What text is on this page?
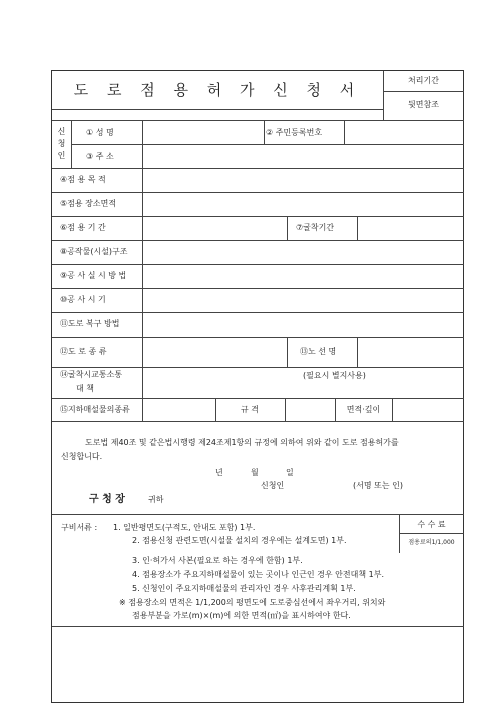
도 로 점 용 허 가 신 청 서
처리기간
뒷면참조
신
청
인
① 성 명	② 주민등록번호
③ 주 소
④점 용 목 적
⑤점용 장소면적
⑥점 용 기 간	⑦굴착기간
⑧공작물(시설)구조
⑨공 사 실 시 방 법
⑩공 사 시 기
⑪도로 복구 방법
⑫도 로 종 류	⑬노 선 명
⑭굴착시교통소통
대 책
(필요시 별지사용)
⑮지하매설물의종류	규 격	면적·깊이
도로법 제40조 및 같은법시행령 제24조제1항의 규정에 의하여 위와 같이 도로 점용허가를
신청합니다.
년	월	일
신청인	(서명 또는 인)
구 청 장	귀하
구비서류 : 1. 일반평면도(구적도, 안내도 포함) 1부.
2. 점용신청 관련도면(시설물 설치의 경우에는 설계도면) 1부.
3. 인·허가서 사본(필요로 하는 경우에 한함) 1부.
4. 점용장소가 주요지하매설물이 있는 곳이나 인근인 경우 안전대책 1부.
5. 신청인이 주요지하매설물의 관리자인 경우 사후관리계획 1부.
※ 점용장소의 면적은 1/1,200의 평면도에 도로중심선에서 좌우거리, 위치와
점용부분을 가로(m)×(m)에 의한 면적(㎡)을 표시하여야 한다.
수 수 료
점용료의1/1,000
